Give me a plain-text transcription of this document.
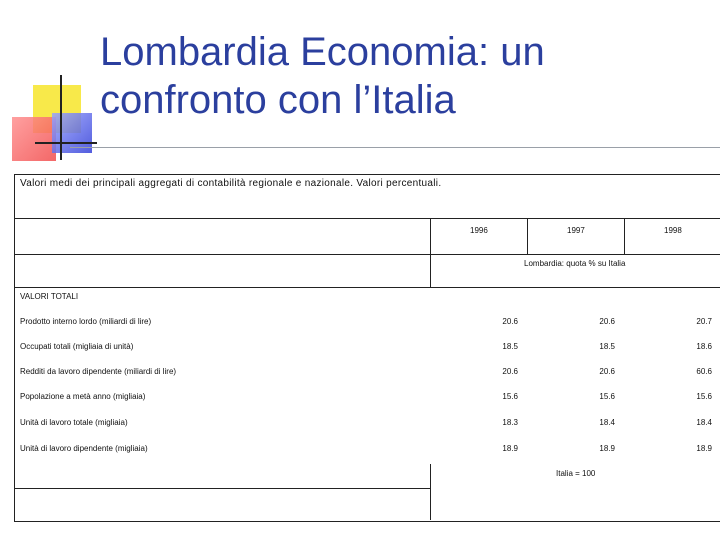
Lombardia Economia: un
confronto con l’Italia
Valori medi dei principali aggregati di contabilità regionale e nazionale. Valori percentuali.
1996	1997	1998
Lombardia: quota % su Italia
VALORI TOTALI
Prodotto interno lordo (miliardi di lire)	20.6	20.6	20.7
Occupati totali (migliaia di unità)	18.5	18.5	18.6
Redditi da lavoro dipendente (miliardi di lire)	20.6	20.6	60.6
Popolazione a metà anno (migliaia)	15.6	15.6	15.6
Unità di lavoro totale (migliaia)	18.3	18.4	18.4
Unità di lavoro dipendente (migliaia)	18.9	18.9	18.9
Italia = 100
